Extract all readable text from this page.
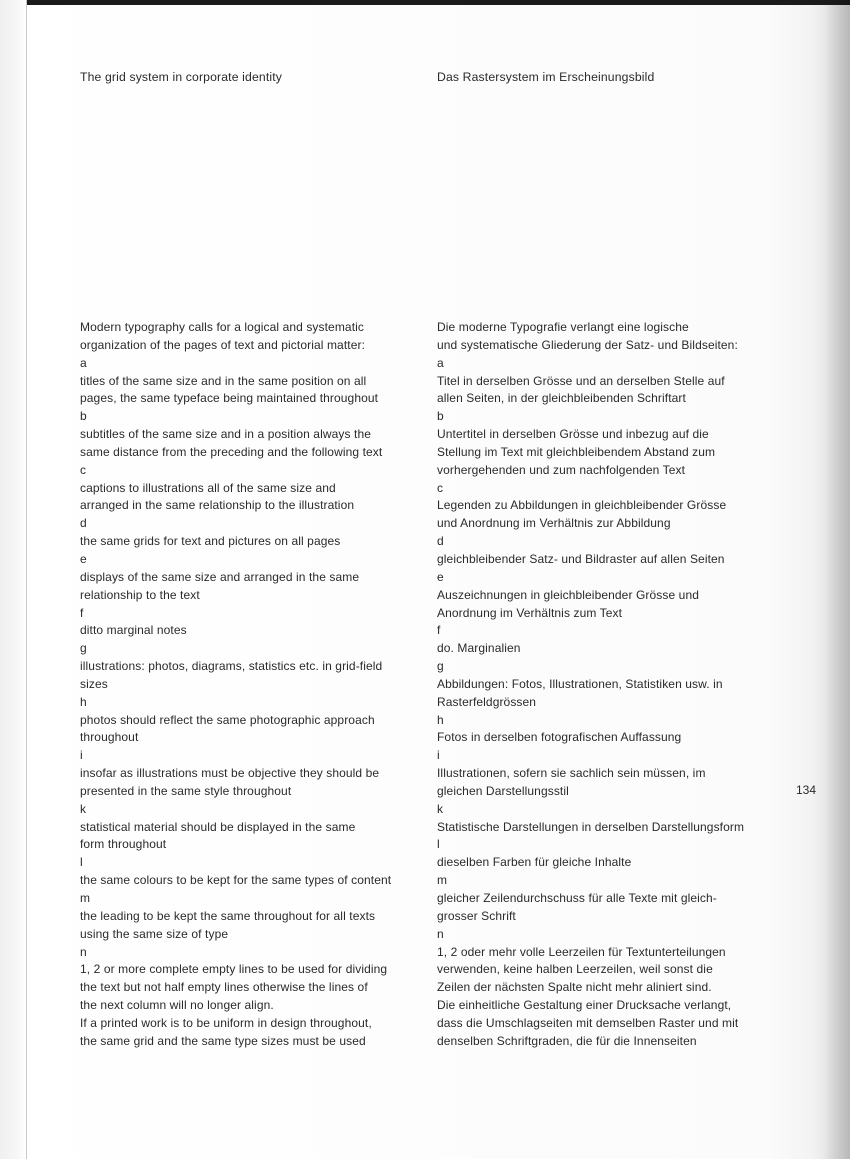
The grid system in corporate identity	Das Rastersystem im Erscheinungsbild
Modern typography calls for a logical and systematic
organization of the pages of text and pictorial matter:
a
titles of the same size and in the same position on all
pages, the same typeface being maintained throughout
b
subtitles of the same size and in a position always the
same distance from the preceding and the following text
c
captions to illustrations all of the same size and
arranged in the same relationship to the illustration
d
the same grids for text and pictures on all pages
e
displays of the same size and arranged in the same
relationship to the text
f
ditto marginal notes
g
illustrations: photos, diagrams, statistics etc. in grid-field
sizes
h
photos should reflect the same photographic approach
throughout
i
insofar as illustrations must be objective they should be
presented in the same style throughout
k
statistical material should be displayed in the same
form throughout
l
the same colours to be kept for the same types of content
m
the leading to be kept the same throughout for all texts
using the same size of type
n
1, 2 or more complete empty lines to be used for dividing
the text but not half empty lines otherwise the lines of
the next column will no longer align.
If a printed work is to be uniform in design throughout,
the same grid and the same type sizes must be used
Die moderne Typografie verlangt eine logische
und systematische Gliederung der Satz- und Bildseiten:
a
Titel in derselben Grösse und an derselben Stelle auf
allen Seiten, in der gleichbleibenden Schriftart
b
Untertitel in derselben Grösse und inbezug auf die
Stellung im Text mit gleichbleibendem Abstand zum
vorhergehenden und zum nachfolgenden Text
c
Legenden zu Abbildungen in gleichbleibender Grösse
und Anordnung im Verhältnis zur Abbildung
d
gleichbleibender Satz- und Bildraster auf allen Seiten
e
Auszeichnungen in gleichbleibender Grösse und
Anordnung im Verhältnis zum Text
f
do. Marginalien
g
Abbildungen: Fotos, Illustrationen, Statistiken usw. in
Rasterfeldgrössen
h
Fotos in derselben fotografischen Auffassung
i
Illustrationen, sofern sie sachlich sein müssen, im
gleichen Darstellungsstil
k
Statistische Darstellungen in derselben Darstellungsform
l
dieselben Farben für gleiche Inhalte
m
gleicher Zeilendurchschuss für alle Texte mit gleich-
grosser Schrift
n
1, 2 oder mehr volle Leerzeilen für Textunterteilungen
verwenden, keine halben Leerzeilen, weil sonst die
Zeilen der nächsten Spalte nicht mehr aliniert sind.
Die einheitliche Gestaltung einer Drucksache verlangt,
dass die Umschlagseiten mit demselben Raster und mit
denselben Schriftgraden, die für die Innenseiten
134
